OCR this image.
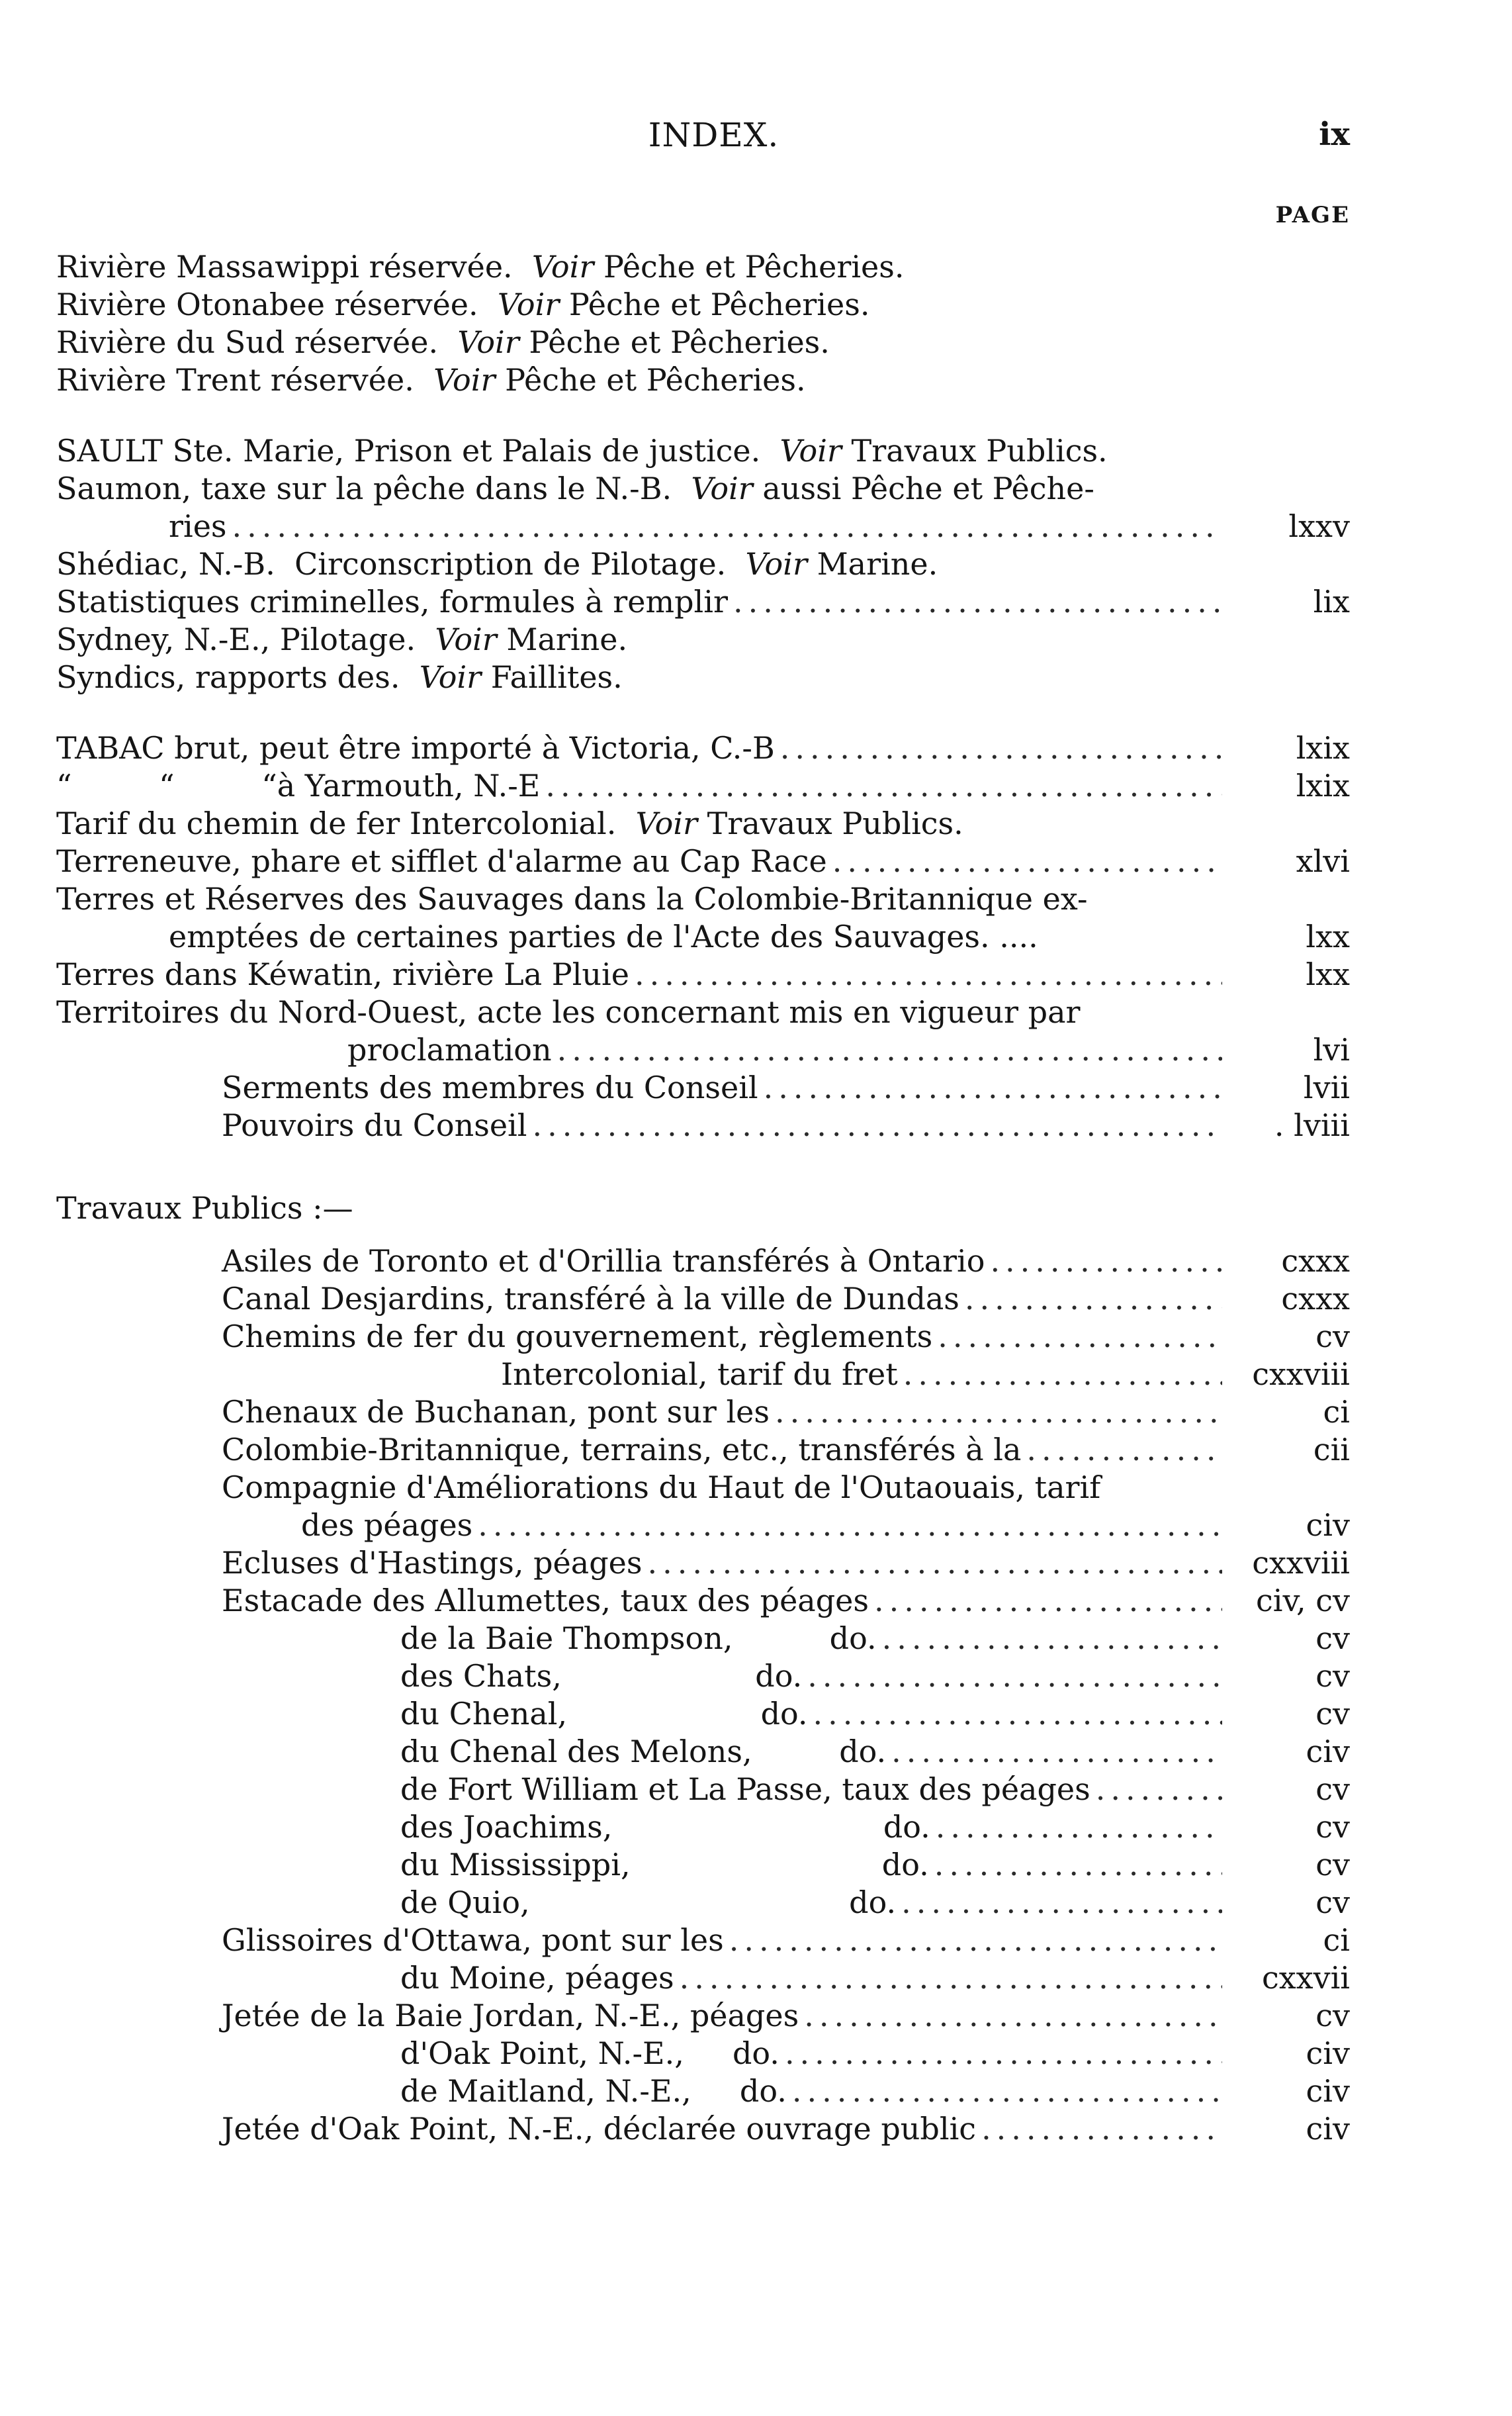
INDEX.	ix
PAGE
Rivière Massawippi réservée. Voir Pêche et Pêcheries.
Rivière Otonabee réservée. Voir Pêche et Pêcheries.
Rivière du Sud réservée. Voir Pêche et Pêcheries.
Rivière Trent réservée. Voir Pêche et Pêcheries.
SAULT Ste. Marie, Prison et Palais de justice. Voir Travaux Publics.
Saumon, taxe sur la pêche dans le N.-B. Voir aussi Pêche et Pêche-
ries .....	lxxv
Shédiac, N.-B.  Circonscription de Pilotage. Voir Marine.
Statistiques criminelles, formules à remplir .....	lix
Sydney, N.-E., Pilotage. Voir Marine.
Syndics, rapports des. Voir Faillites.
TABAC brut, peut être importé à Victoria, C.-B .....	lxix
“         “         “ à Yarmouth, N.-E .....	lxix
Tarif du chemin de fer Intercolonial. Voir Travaux Publics.
Terreneuve, phare et sifflet d'alarme au Cap Race .....	xlvi
Terres et Réserves des Sauvages dans la Colombie-Britannique ex-
emptées de certaines parties de l'Acte des Sauvages. ....	lxx
Terres dans Kéwatin, rivière La Pluie .....	lxx
Territoires du Nord-Ouest, acte les concernant mis en vigueur par
proclamation .....	lvi
Serments des membres du Conseil .....	lvii
Pouvoirs du Conseil .....	. lviii
Travaux Publics :—
Asiles de Toronto et d'Orillia transférés à Ontario .....	cxxx
Canal Desjardins, transféré à la ville de Dundas .....	cxxx
Chemins de fer du gouvernement, règlements .....	cv
Intercolonial, tarif du fret .....	cxxviii
Chenaux de Buchanan, pont sur les .....	ci
Colombie-Britannique, terrains, etc., transférés à la .....	cii
Compagnie d'Améliorations du Haut de l'Outaouais, tarif
des péages .....	civ
Ecluses d'Hastings, péages .....	cxxviii
Estacade des Allumettes, taux des péages .....	civ, cv
de la Baie Thompson,          do. .....	cv
des Chats,                    do. .....	cv
du Chenal,                    do. .....	cv
du Chenal des Melons,         do. .....	civ
de Fort William et La Passe, taux des péages .....	cv
des Joachims,                            do. .....	cv
du Mississippi,                          do. .....	cv
de Quio,                                 do. .....	cv
Glissoires d'Ottawa, pont sur les .....	ci
du Moine, péages .....	cxxvii
Jetée de la Baie Jordan, N.-E., péages .....	cv
d'Oak Point, N.-E.,     do. .....	civ
de Maitland, N.-E.,     do. .....	civ
Jetée d'Oak Point, N.-E., déclarée ouvrage public .....	civ
